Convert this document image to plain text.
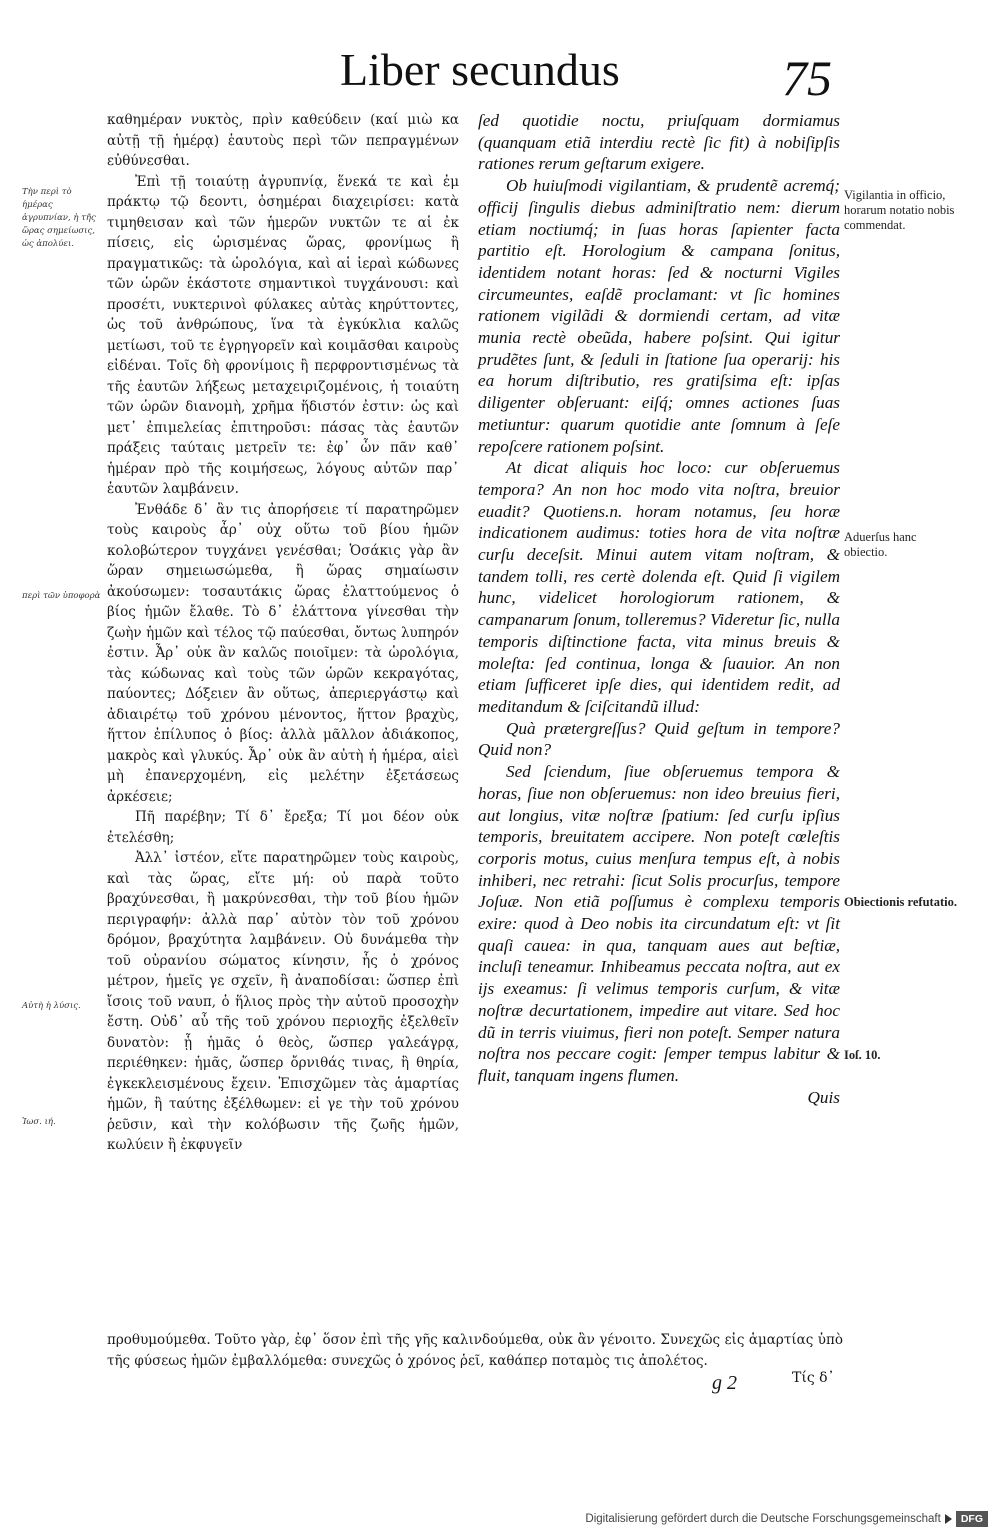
Liber secundus	75
Τὴν περὶ τὸ ἡμέρας ἀγρυπνίαν, ἡ τῆς ὥρας σημείωσις, ὡς ἀπολύει.
περὶ τῶν ὑποφορὰ
Αὐτὴ ἡ λύσις.
Ἰωσ. ιή.

καθημέραν νυκτὸς, πρὶν καθεύδειν (καί μιὼ κα αὐτῇ τῇ ἡμέρᾳ) ἑαυτοὺς περὶ τῶν πεπραγμένων εὐθύνεσθαι.

Ἐπὶ τῇ τοιαύτῃ ἀγρυπνίᾳ, ἕνεκά τε καὶ ἐμ πράκτῳ τῷ δεοντι, ὁσημέραι διαχειρίσει: κατὰ τιμηθεισαν καὶ τῶν ἡμερῶν νυκτῶν τε αἱ ἐκ πίσεις, εἰς ὡρισμένας ὥρας, φρονίμως ἢ πραγματικῶς: τὰ ὡρολόγια, καὶ αἱ ἱεραὶ κώδωνες τῶν ὡρῶν ἑκάστοτε σημαντικοὶ τυγχάνουσι: καὶ προσέτι, νυκτερινοὶ φύλακες αὐτὰς κηρύττοντες, ὡς τοῦ ἀνθρώπους, ἵνα τὰ ἐγκύκλια καλῶς μετίωσι, τοῦ τε ἐγρηγορεῖν καὶ κοιμᾶσθαι καιροὺς εἰδέναι. Τοῖς δὴ φρονίμοις ἢ περφροντισμένως τὰ τῆς ἑαυτῶν λήξεως μεταχειριζομένοις, ἡ τοιαύτη τῶν ὡρῶν διανομὴ, χρῆμα ἥδιστόν ἐστιν: ὡς καὶ μετ᾽ ἐπιμελείας ἐπιτηροῦσι: πάσας τὰς ἑαυτῶν πράξεις ταύταις μετρεῖν τε: ἐφ᾽ ὧν πᾶν καθ᾽ ἡμέραν πρὸ τῆς κοιμήσεως, λόγους αὐτῶν παρ᾽ ἑαυτῶν λαμβάνειν.

Ἐνθάδε δ᾽ ἂν τις ἀπορήσειε τί παρατηρῶμεν τοὺς καιροὺς ἆρ᾽ οὐχ οὕτω τοῦ βίου ἡμῶν κολοβώτερον τυγχάνει γενέσθαι; Ὁσάκις γὰρ ἂν ὥραν σημειωσώμεθα, ἢ ὥρας σημαίωσιν ἀκούσωμεν: τοσαυτάκις ὥρας ἐλαττούμενος ὁ βίος ἡμῶν ἔλαθε. Τὸ δ᾽ ἐλάττονα γίνεσθαι τὴν ζωὴν ἡμῶν καὶ τέλος τῷ παύεσθαι, ὄντως λυπηρόν ἐστιν. Ἆρ᾽ οὐκ ἂν καλῶς ποιοῖμεν: τὰ ὡρολόγια, τὰς κώδωνας καὶ τοὺς τῶν ὡρῶν κεκραγότας, παύοντες; Δόξειεν ἂν οὕτως, ἀπεριεργάστῳ καὶ ἀδιαιρέτῳ τοῦ χρόνου μένοντος, ἥττον βραχὺς, ἥττον ἐπίλυπος ὁ βίος: ἀλλὰ μᾶλλον ἀδιάκοπος, μακρὸς καὶ γλυκύς. Ἆρ᾽ οὐκ ἂν αὐτὴ ἡ ἡμέρα, αἰεὶ μὴ ἐπανερχομένη, εἰς μελέτην ἐξετάσεως ἀρκέσειε;

Πῆ παρέβην; Τί δ᾽ ἔρεξα; Τί μοι δέον οὐκ ἐτελέσθη;

Ἀλλ᾽ ἰστέον, εἴτε παρατηρῶμεν τοὺς καιροὺς, καὶ τὰς ὥρας, εἴτε μή: οὐ παρὰ τοῦτο βραχύνεσθαι, ἢ μακρύνεσθαι, τὴν τοῦ βίου ἡμῶν περιγραφήν: ἀλλὰ παρ᾽ αὐτὸν τὸν τοῦ χρόνου δρόμον, βραχύτητα λαμβάνειν. Οὐ δυνάμεθα τὴν τοῦ οὐρανίου σώματος κίνησιν, ἧς ὁ χρόνος μέτρον, ἡμεῖς γε σχεῖν, ἢ ἀναποδίσαι: ὥσπερ ἐπὶ ἴσοις τοῦ ναυπ, ὁ ἥλιος πρὸς τὴν αὐτοῦ προσοχὴν ἔστη. Οὐδ᾽ αὖ τῆς τοῦ χρόνου περιοχῆς ἐξελθεῖν δυνατὸν: ᾗ ἡμᾶς ὁ θεὸς, ὥσπερ γαλεάγρᾳ, περιέθηκεν: ἡμᾶς, ὥσπερ ὄρνιθάς τινας, ἢ θηρία, ἐγκεκλεισμένους ἔχειν. Ἐπισχῶμεν τὰς ἁμαρτίας ἡμῶν, ἢ ταύτης ἐξέλθωμεν: εἰ γε τὴν τοῦ χρόνου ῥεῦσιν, καὶ τὴν κολόβωσιν τῆς ζωῆς ἡμῶν, κωλύειν ἢ ἐκφυγεῖν

ſed quotidie noctu, priuſquam dormiamus (quanquam etiã interdiu rectè ſic fit) à nobiſipſis rationes rerum geſtarum exigere.

Ob huiuſmodi vigilantiam, & prudentẽ acremq́; officij ſingulis diebus adminiſtratio nem: dierum etiam noctiumq́; in ſuas horas ſapienter facta partitio eſt. Horologium & campana ſonitus, identidem notant horas: ſed & nocturni Vigiles circumeuntes, eaſdẽ proclamant: vt ſic homines rationem vigilãdi & dormiendi certam, ad vitæ munia rectè obeũda, habere poſsint. Qui igitur prudẽtes ſunt, & ſeduli in ſtatione ſua operarij: his ea horum diſtributio, res gratiſsima eſt: ipſas diligenter obſeruant: eiſq́; omnes actiones ſuas metiuntur: quarum quotidie ante ſomnum à ſeſe repoſcere rationem poſsint.

At dicat aliquis hoc loco: cur obſeruemus tempora? An non hoc modo vita noſtra, breuior euadit? Quotiens.n. horam notamus, ſeu horæ indicationem audimus: toties hora de vita noſtræ curſu deceſsit. Minui autem vitam noſtram, & tandem tolli, res certè dolenda eſt. Quid ſi vigilem hunc, videlicet horologiorum rationem, & campanarum ſonum, tolleremus? Videretur ſic, nulla temporis diſtinctione facta, vita minus breuis & moleſta: ſed continua, longa & ſuauior. An non etiam ſufficeret ipſe dies, qui identidem redit, ad meditandum & ſciſcitandũ illud:

Quà prætergreſſus? Quid geſtum in tempore? Quid non?

Sed ſciendum, ſiue obſeruemus tempora & horas, ſiue non obſeruemus: non ideo breuius fieri, aut longius, vitæ noſtræ ſpatium: ſed curſu ipſius temporis, breuitatem accipere. Non poteſt cœleſtis corporis motus, cuius menſura tempus eſt, à nobis inhiberi, nec retrahi: ſicut Solis procurſus, tempore Joſuæ. Non etiã poſſumus è complexu temporis exire: quod à Deo nobis ita circundatum eſt: vt ſit quaſi cauea: in qua, tanquam aues aut beſtiæ, incluſi teneamur. Inhibeamus peccata noſtra, aut ex ijs exeamus: ſi velimus temporis curſum, & vitæ noſtræ decurtationem, impedire aut vitare. Sed hoc dũ in terris viuimus, fieri non poteſt. Semper natura noſtra nos peccare cogit: ſemper tempus labitur & fluit, tanquam ingens flumen.

Quis

Vigilantia in officio, horarum notatio nobis commendat.
Aduerſus hanc obiectio.
Obiectionis refutatio.
Ioſ. 10.
προθυμούμεθα. Τοῦτο γὰρ, ἐφ᾽ ὅσον ἐπὶ τῆς γῆς καλινδούμεθα, οὐκ ἂν γένοιτο. Συνεχῶς εἰς ἁμαρτίας ὑπὸ τῆς φύσεως ἡμῶν ἐμβαλλόμεθα: συνεχῶς ὁ χρόνος ῥεῖ, καθάπερ ποταμὸς τις ἀπολέτος.
g 2	Τίς δ᾽
Digitalisierung gefördert durch die Deutsche Forschungsgemeinschaft	DFG
